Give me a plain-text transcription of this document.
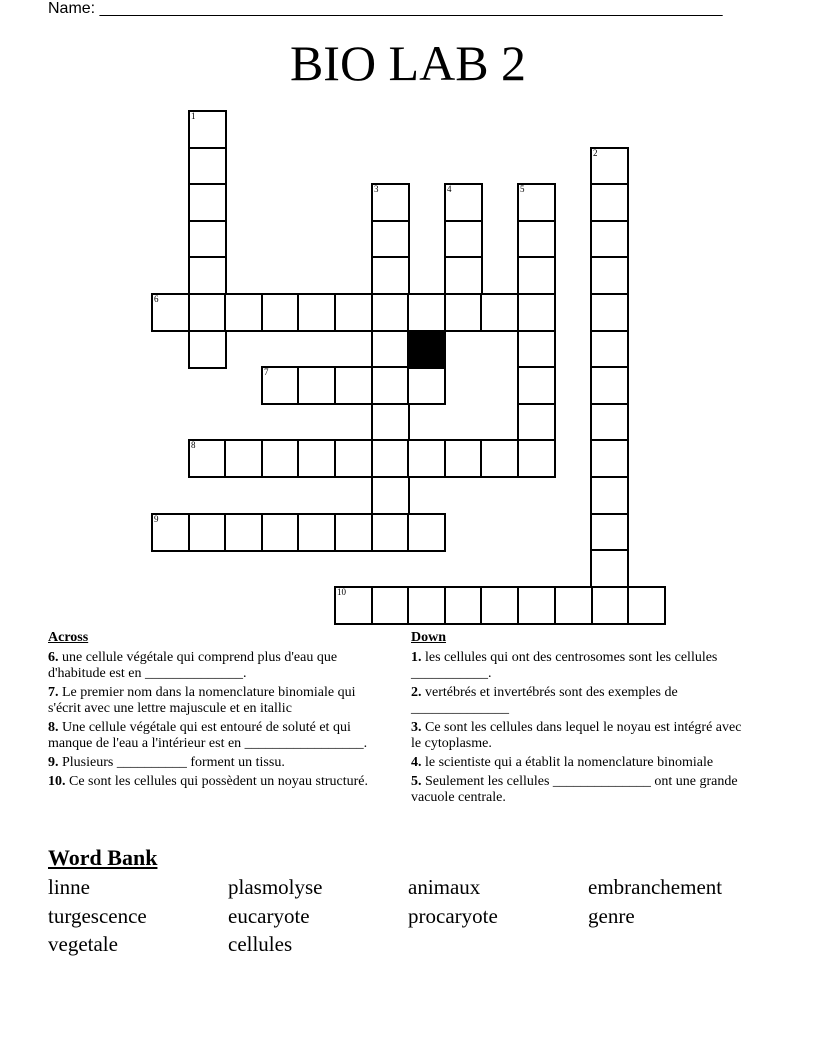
Name: ______________________________________________________________________
BIO LAB 2
1
2
3	4	5
6
7
8
9
10
Across
6. une cellule végétale qui comprend plus d'eau que d'habitude est en ______________.
7. Le premier nom dans la nomenclature binomiale qui s'écrit avec une lettre majuscule et en itallic
8. Une cellule végétale qui est entouré de soluté et qui manque de l'eau a l'intérieur est en _________________.
9. Plusieurs __________ forment un tissu.
10. Ce sont les cellules qui possèdent un noyau structuré.
Down
1. les cellules qui ont des centrosomes sont les cellules ___________.
2. vertébrés et invertébrés sont des exemples de ______________
3. Ce sont les cellules dans lequel le noyau est intégré avec le cytoplasme.
4. le scientiste qui a établit la nomenclature binomiale
5. Seulement les cellules ______________ ont une grande vacuole centrale.
Word Bank
linne	plasmolyse	animaux	embranchement
turgescence	eucaryote	procaryote	genre
vegetale	cellules
